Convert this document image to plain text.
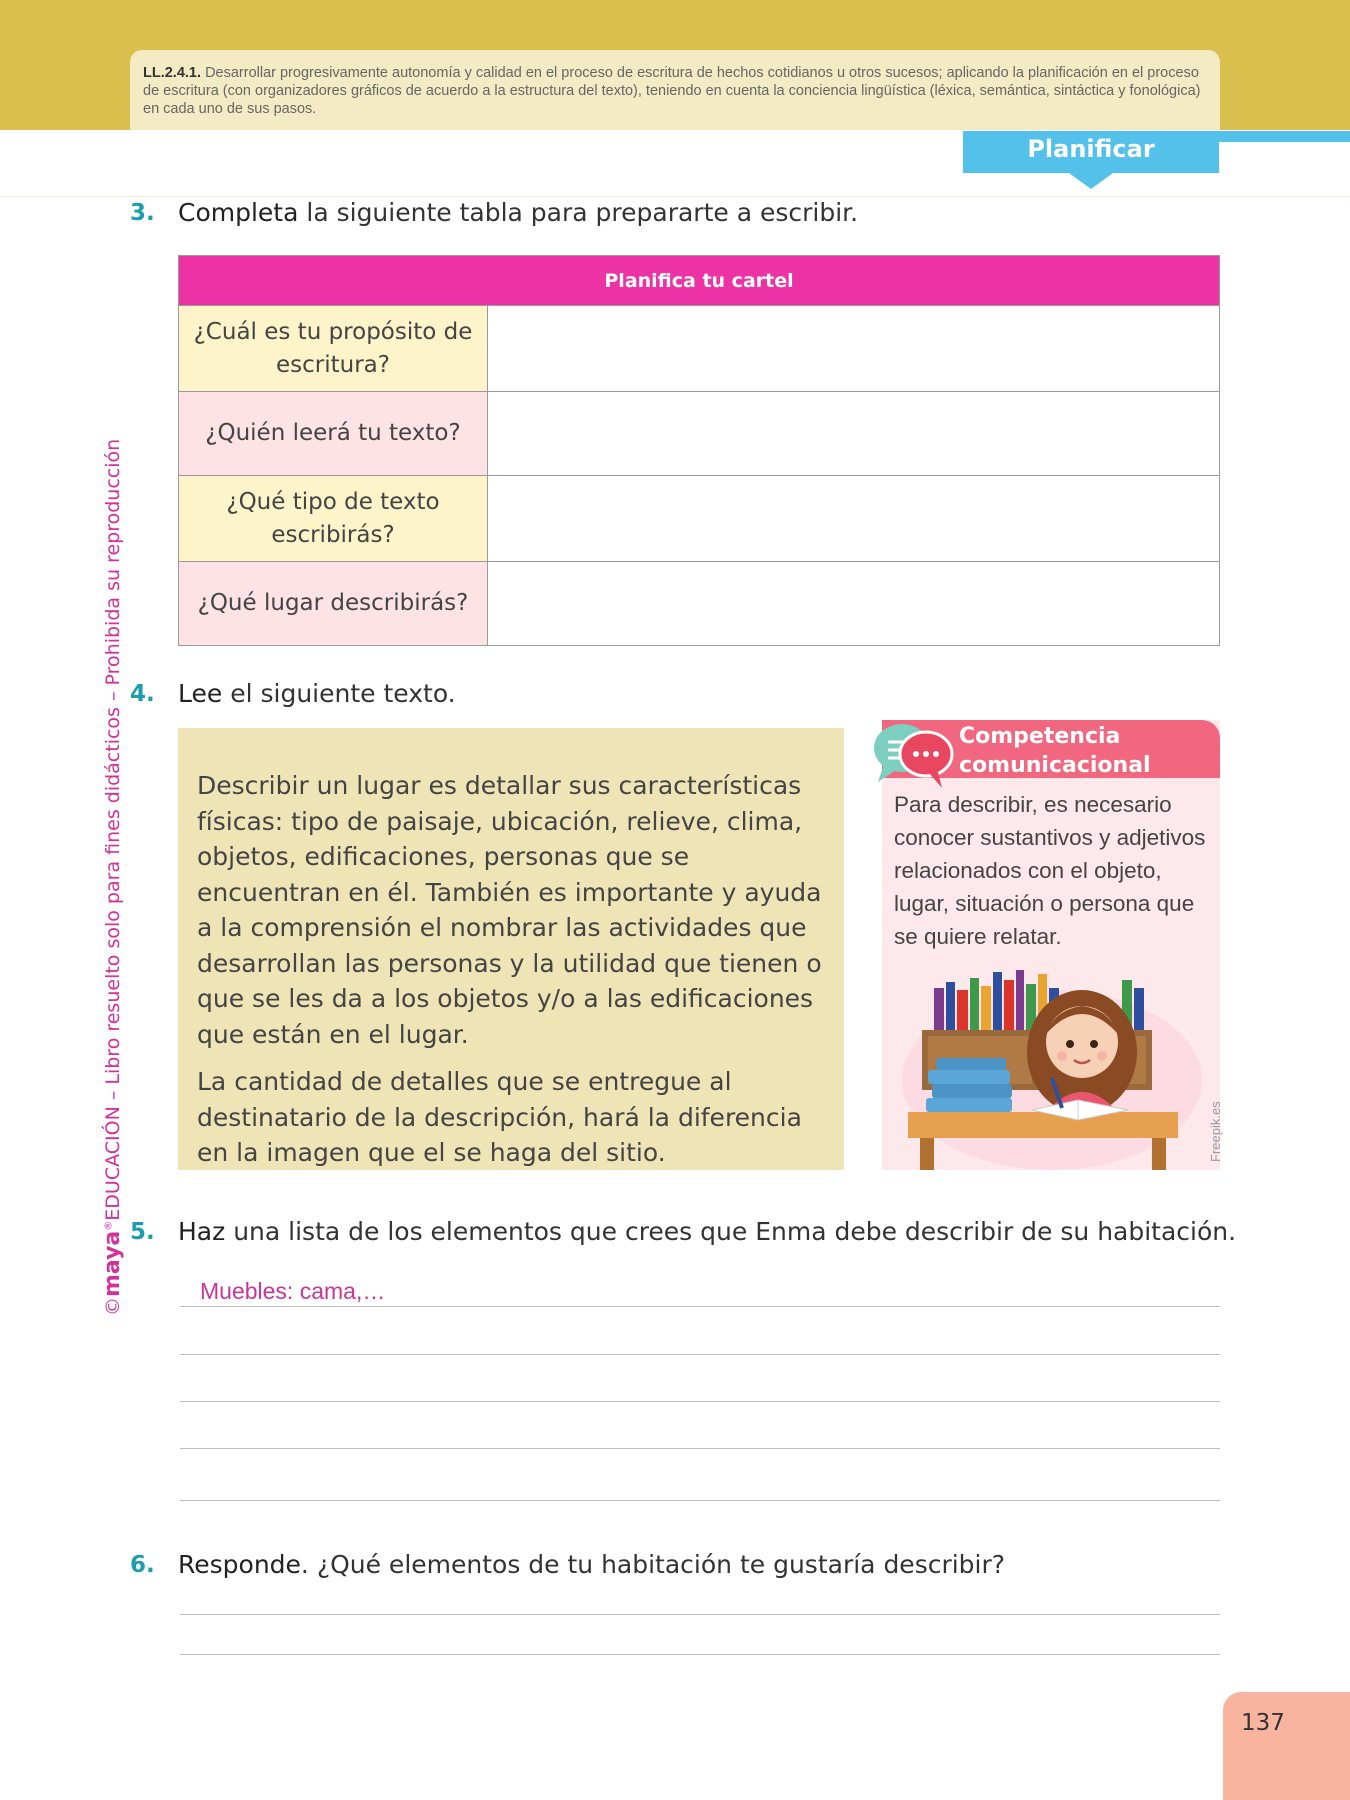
LL.2.4.1. Desarrollar progresivamente autonomía y calidad en el proceso de escritura de hechos cotidianos u otros sucesos; aplicando la planificación en el proceso de escritura (con organizadores gráficos de acuerdo a la estructura del texto), teniendo en cuenta la conciencia lingüística (léxica, semántica, sintáctica y fonológica) en cada uno de sus pasos.
Planificar
©maya®EDUCACIÓN – Libro resuelto solo para fines didácticos – Prohibida su reproducción
3. Completa la siguiente tabla para prepararte a escribir.
Planifica tu cartel	
¿Cuál es tu propósito de escritura?	
¿Quién leerá tu texto?	
¿Qué tipo de texto escribirás?	
¿Qué lugar describirás?	
4. Lee el siguiente texto.

Describir un lugar es detallar sus características físicas: tipo de paisaje, ubicación, relieve, clima, objetos, edificaciones, personas que se encuentran en él. También es importante y ayuda a la comprensión el nombrar las actividades que desarrollan las personas y la utilidad que tienen o que se les da a los objetos y/o a las edificaciones que están en el lugar.

La cantidad de detalles que se entregue al destinatario de la descripción, hará la diferencia en la imagen que el se haga del sitio.

Competencia
comunicacional
Para describir, es necesario conocer sustantivos y adjetivos relacionados con el objeto, lugar, situación o persona que se quiere relatar.
Freepik.es
5. Haz una lista de los elementos que crees que Enma debe describir de su habitación.
Muebles: cama,…
6. Responde. ¿Qué elementos de tu habitación te gustaría describir?
137
